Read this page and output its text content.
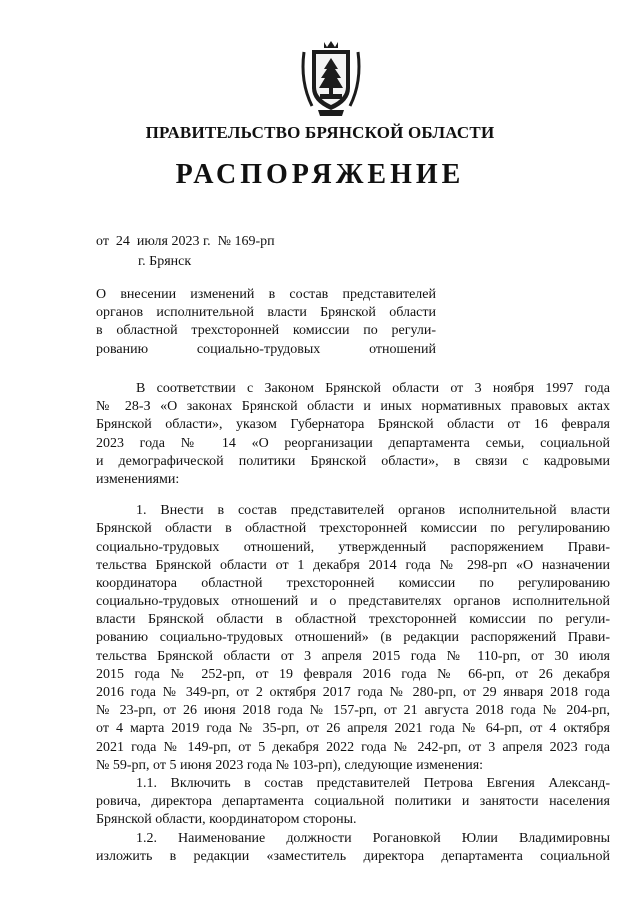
ПРАВИТЕЛЬСТВО БРЯНСКОЙ ОБЛАСТИ
РАСПОРЯЖЕНИЕ
от  24  июля 2023 г.  № 169-рп
г. Брянск
О внесении изменений в состав представителей
органов исполнительной власти Брянской области
в областной трехсторонней комиссии по регули-
рованию социально-трудовых отношений
В соответствии с Законом Брянской области от 3 ноября 1997 года
№ 28-З «О законах Брянской области и иных нормативных правовых актах
Брянской области», указом Губернатора Брянской области от 16 февраля
2023 года № 14 «О реорганизации департамента семьи, социальной
и демографической политики Брянской области», в связи с кадровыми
изменениями:
1. Внести в состав представителей органов исполнительной власти
Брянской области в областной трехсторонней комиссии по регулированию
социально-трудовых отношений, утвержденный распоряжением Прави-
тельства Брянской области от 1 декабря 2014 года № 298-рп «О назначении
координатора областной трехсторонней комиссии по регулированию
социально-трудовых отношений и о представителях органов исполнительной
власти Брянской области в областной трехсторонней комиссии по регули-
рованию социально-трудовых отношений» (в редакции распоряжений Прави-
тельства Брянской области от 3 апреля 2015 года № 110-рп, от 30 июля
2015 года № 252-рп, от 19 февраля 2016 года № 66-рп, от 26 декабря
2016 года № 349-рп, от 2 октября 2017 года № 280-рп, от 29 января 2018 года
№ 23-рп, от 26 июня 2018 года № 157-рп, от 21 августа 2018 года № 204-рп,
от 4 марта 2019 года № 35-рп, от 26 апреля 2021 года № 64-рп, от 4 октября
2021 года № 149-рп, от 5 декабря 2022 года № 242-рп, от 3 апреля 2023 года
№ 59-рп, от 5 июня 2023 года № 103-рп), следующие изменения:
1.1. Включить в состав представителей Петрова Евгения Александ-
ровича, директора департамента социальной политики и занятости населения
Брянской области, координатором стороны.
1.2. Наименование должности Рогановкой Юлии Владимировны
изложить в редакции «заместитель директора департамента социальной
